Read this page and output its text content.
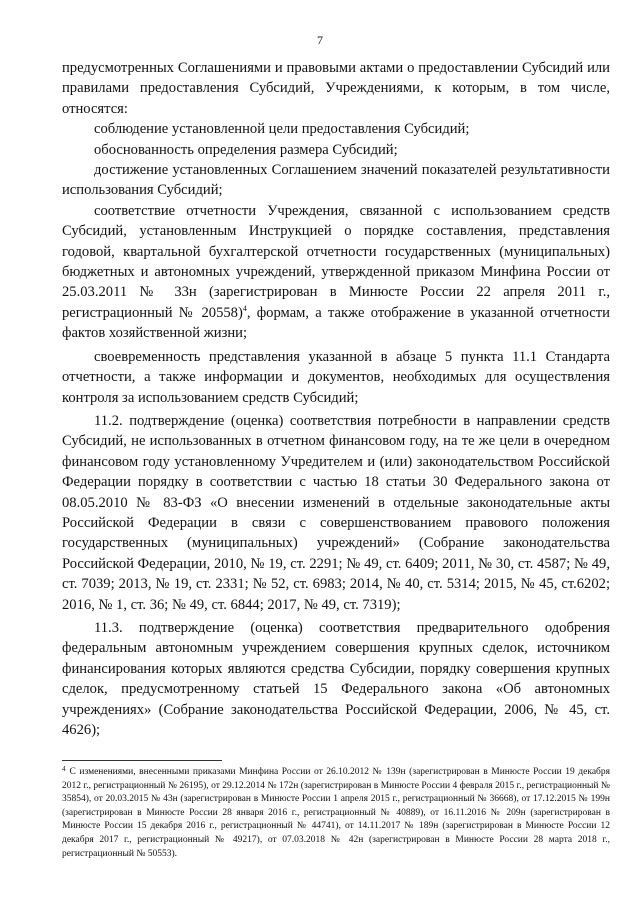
7

предусмотренных Соглашениями и правовыми актами о предоставлении Субсидий или правилами предоставления Субсидий, Учреждениями, к которым, в том числе, относятся:

соблюдение установленной цели предоставления Субсидий;

обоснованность определения размера Субсидий;

достижение установленных Соглашением значений показателей результативности использования Субсидий;

соответствие отчетности Учреждения, связанной с использованием средств Субсидий, установленным Инструкцией о порядке составления, представления годовой, квартальной бухгалтерской отчетности государственных (муниципальных) бюджетных и автономных учреждений, утвержденной приказом Минфина России от 25.03.2011 № 33н (зарегистрирован в Минюсте России 22 апреля 2011 г., регистрационный № 20558)$^4$, формам, а также отображение в указанной отчетности фактов хозяйственной жизни;

своевременность представления указанной в абзаце 5 пункта 11.1 Стандарта отчетности, а также информации и документов, необходимых для осуществления контроля за использованием средств Субсидий;

11.2. подтверждение (оценка) соответствия потребности в направлении средств Субсидий, не использованных в отчетном финансовом году, на те же цели в очередном финансовом году установленному Учредителем и (или) законодательством Российской Федерации порядку в соответствии с частью 18 статьи 30 Федерального закона от 08.05.2010 № 83-ФЗ «О внесении изменений в отдельные законодательные акты Российской Федерации в связи с совершенствованием правового положения государственных (муниципальных) учреждений» (Собрание законодательства Российской Федерации, 2010, № 19, ст. 2291; № 49, ст. 6409; 2011, № 30, ст. 4587; № 49, ст. 7039; 2013, № 19, ст. 2331; № 52, ст. 6983; 2014, № 40, ст. 5314; 2015, № 45, ст.6202; 2016, № 1, ст. 36; № 49, ст. 6844; 2017, № 49, ст. 7319);

11.3. подтверждение (оценка) соответствия предварительного одобрения федеральным автономным учреждением совершения крупных сделок, источником финансирования которых являются средства Субсидии, порядку совершения крупных сделок, предусмотренному статьей 15 Федерального закона «Об автономных учреждениях» (Собрание законодательства Российской Федерации, 2006, № 45, ст. 4626);

$^4$ С изменениями, внесенными приказами Минфина России от 26.10.2012 № 139н (зарегистрирован в Минюсте России 19 декабря 2012 г., регистрационный № 26195), от 29.12.2014 № 172н (зарегистрирован в Минюсте России 4 февраля 2015 г., регистрационный № 35854), от 20.03.2015 № 43н (зарегистрирован в Минюсте России 1 апреля 2015 г., регистрационный № 36668), от 17.12.2015 № 199н (зарегистрирован в Минюсте России 28 января 2016 г., регистрационный № 40889), от 16.11.2016 № 209н (зарегистрирован в Минюсте России 15 декабря 2016 г., регистрационный № 44741), от 14.11.2017 № 189н (зарегистрирован в Минюсте России 12 декабря 2017 г., регистрационный № 49217), от 07.03.2018 № 42н (зарегистрирован в Минюсте России 28 марта 2018 г., регистрационный № 50553).
